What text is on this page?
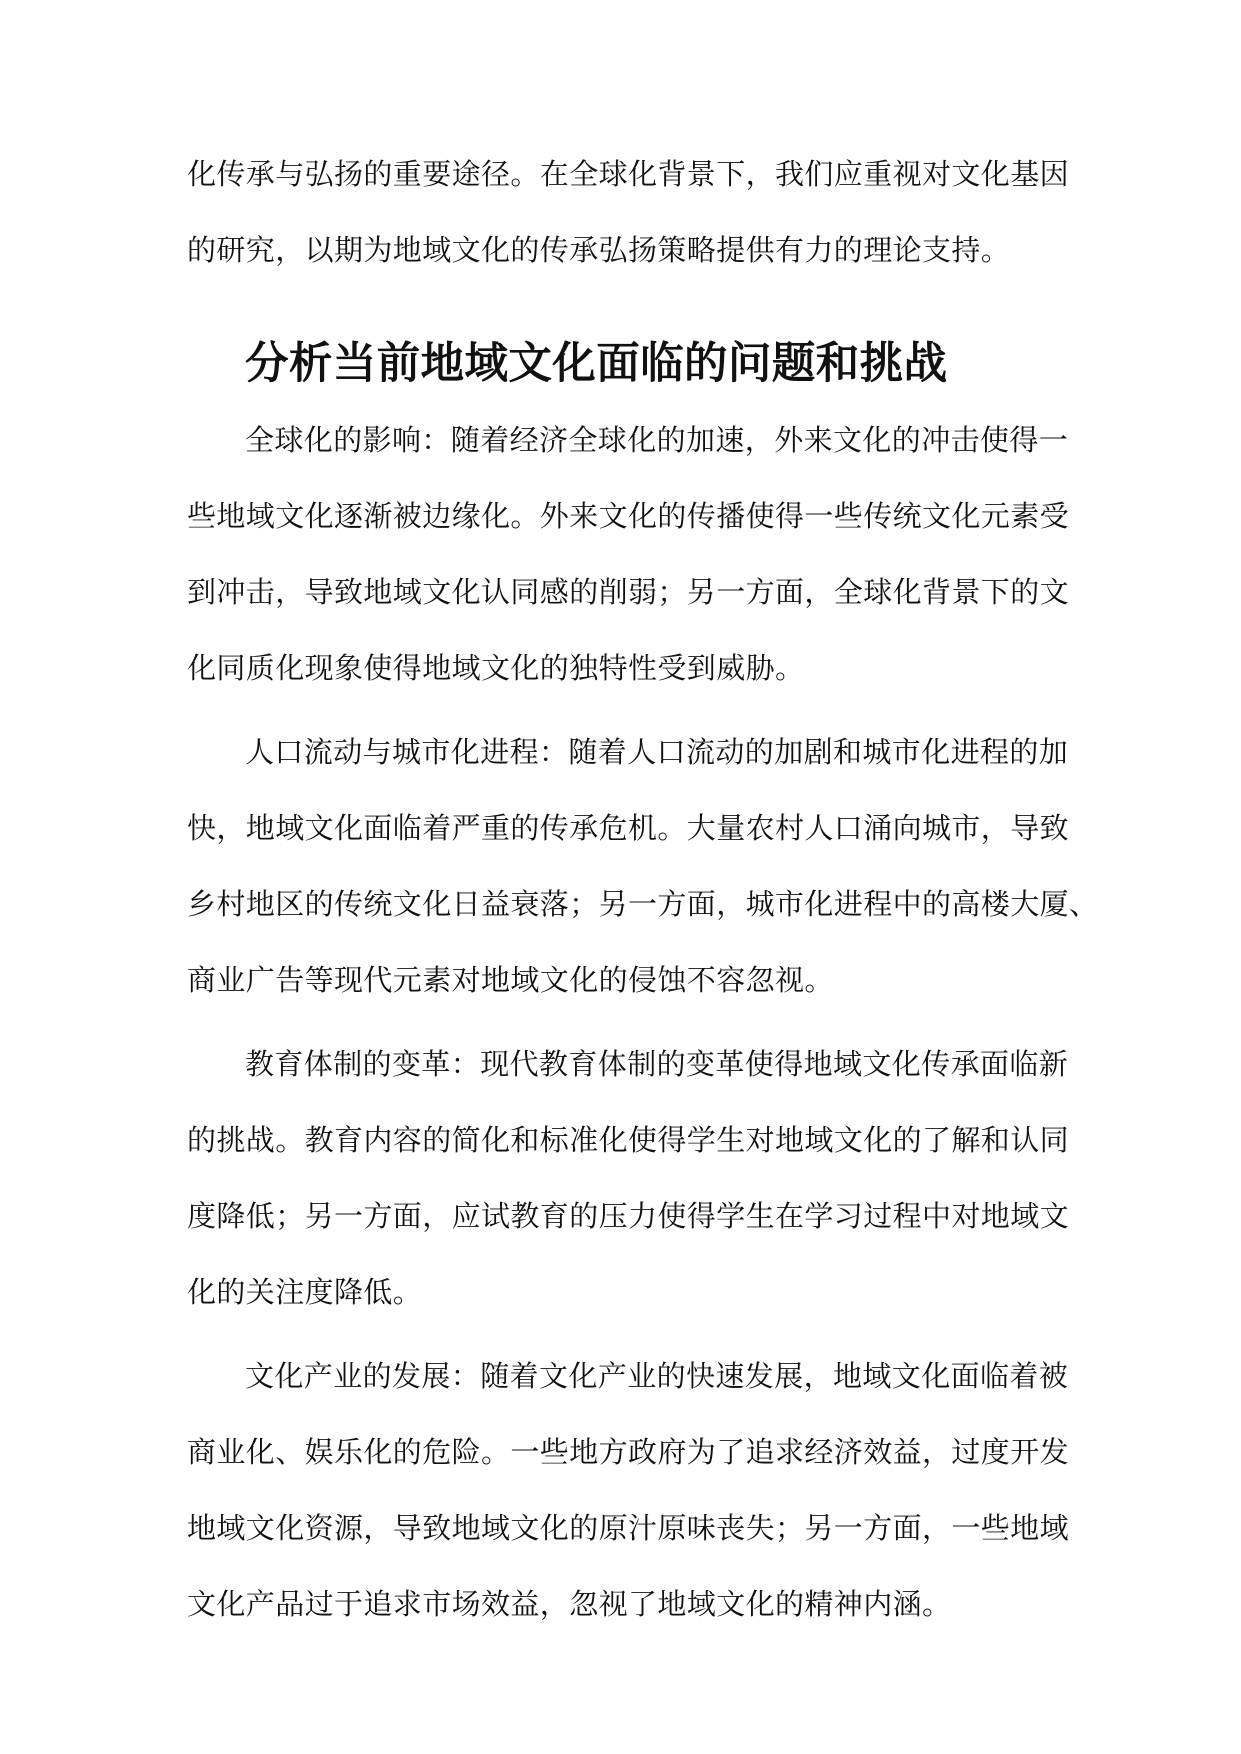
化传承与弘扬的重要途径。在全球化背景下，我们应重视对文化基因
的研究，以期为地域文化的传承弘扬策略提供有力的理论支持。
分析当前地域文化面临的问题和挑战
全球化的影响：随着经济全球化的加速，外来文化的冲击使得一
些地域文化逐渐被边缘化。外来文化的传播使得一些传统文化元素受
到冲击，导致地域文化认同感的削弱；另一方面，全球化背景下的文
化同质化现象使得地域文化的独特性受到威胁。
人口流动与城市化进程：随着人口流动的加剧和城市化进程的加
快，地域文化面临着严重的传承危机。大量农村人口涌向城市，导致
乡村地区的传统文化日益衰落；另一方面，城市化进程中的高楼大厦、
商业广告等现代元素对地域文化的侵蚀不容忽视。
教育体制的变革：现代教育体制的变革使得地域文化传承面临新
的挑战。教育内容的简化和标准化使得学生对地域文化的了解和认同
度降低；另一方面，应试教育的压力使得学生在学习过程中对地域文
化的关注度降低。
文化产业的发展：随着文化产业的快速发展，地域文化面临着被
商业化、娱乐化的危险。一些地方政府为了追求经济效益，过度开发
地域文化资源，导致地域文化的原汁原味丧失；另一方面，一些地域
文化产品过于追求市场效益，忽视了地域文化的精神内涵。
